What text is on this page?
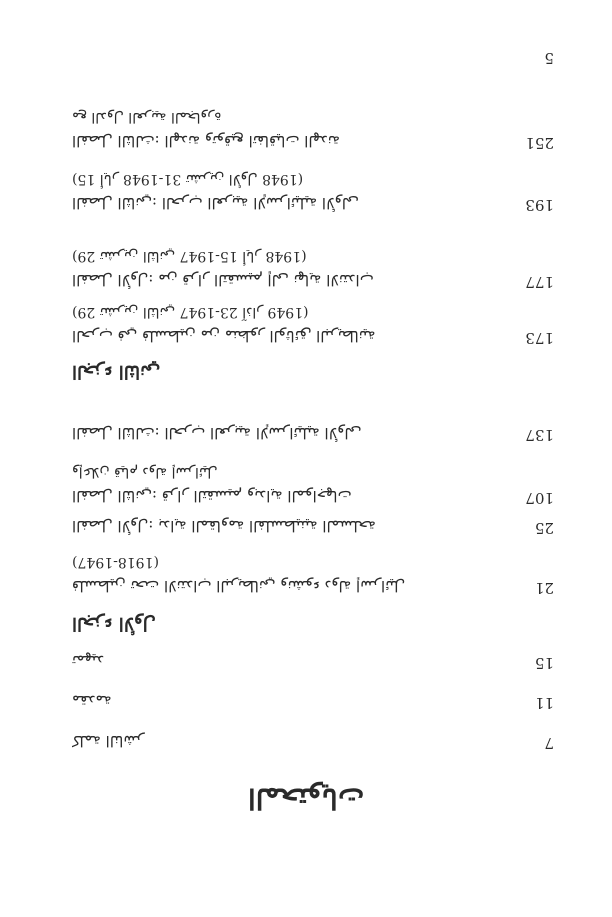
5
المحتويات
7
كلمة الناشر
11
مقدمة
15
تمهيد
الجزء الأول
21
فلسطين تحت الانتداب البريطاني ونشوء دولة إسرائيل
(1918-1947)
25
الفصل الأول: بداية المقاومة الفلسطينية المسلحة
107
الفصل الثاني: قرار التقسيم وبداية المواجهات
وإعلان قيام دولة إسرائيل
137
الفصل الثالث: الحرب العربية الإسرائيلية الأولى
الجزء الثاني
173
الحرب في فلسطين من منظور الوثائق البريطانية
(29 تشرين الثاني 1947-23 آذار 1949)
177
الفصل الأول: من قرار التقسيم إلى نهاية الانتداب
(29 تشرين الثاني 1947-15 أيار 1948)
193
الفصل الثاني: الحرب العربية الإسرائيلية الأولى
(15 أيار 1948-31 تشرين الأول 1948)
251
الفصل الثالث: الهدنة وتوقيع اتفاقيات الهدنة
مع الدول العربية المجاورة
